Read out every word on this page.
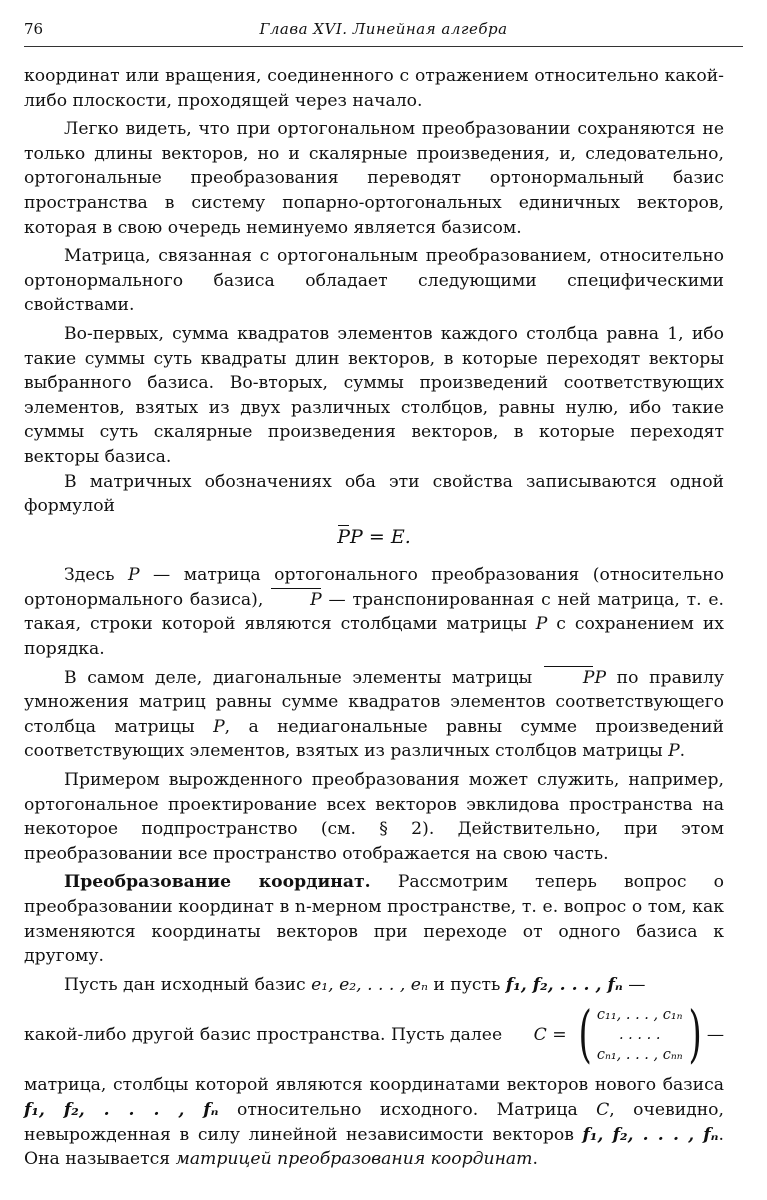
76	Глава XVI. Линейная алгебра

координат или вращения, соединенного с отражением относительно какой-либо плоскости, проходящей через начало.

Легко видеть, что при ортогональном преобразовании сохраняются не только длины векторов, но и скалярные произведения, и, следовательно, ортогональные преобразования переводят ортонормальный базис пространства в систему попарно-ортогональных единичных векторов, которая в свою очередь неминуемо является базисом.

Матрица, связанная с ортогональным преобразованием, относительно ортонормального базиса обладает следующими специфическими свойствами.

Во-первых, сумма квадратов элементов каждого столбца равна 1, ибо такие суммы суть квадраты длин векторов, в которые переходят векторы выбранного базиса. Во-вторых, суммы произведений соответствующих элементов, взятых из двух различных столбцов, равны нулю, ибо такие суммы суть скалярные произведения векторов, в которые переходят векторы базиса.

В матричных обозначениях оба эти свойства записываются одной формулой

PP = E.

Здесь P — матрица ортогонального преобразования (относительно ортонормального базиса), P — транспонированная с ней матрица, т. е. такая, строки которой являются столбцами матрицы P с сохранением их порядка.

В самом деле, диагональные элементы матрицы PP по правилу умножения матриц равны сумме квадратов элементов соответствующего столбца матрицы P, а недиагональные равны сумме произведений соответствующих элементов, взятых из различных столбцов матрицы P.

Примером вырожденного преобразования может служить, например, ортогональное проектирование всех векторов эвклидова пространства на некоторое подпространство (см. § 2). Действительно, при этом преобразовании все пространство отображается на свою часть.

Преобразование координат. Рассмотрим теперь вопрос о преобразовании координат в n-мерном пространстве, т. е. вопрос о том, как изменяются координаты векторов при переходе от одного базиса к другому.

Пусть дан исходный базис e₁, e₂, . . . , eₙ и пусть f₁, f₂, . . . , fₙ —

какой-либо другой базис пространства. Пусть далее C = ( c₁₁, . . . , c₁ₙ
. . . . .
cₙ₁, . . . , cₙₙ ) —

матрица, столбцы которой являются координатами векторов нового базиса f₁, f₂, . . . , fₙ относительно исходного. Матрица C, очевидно, невырожденная в силу линейной независимости векторов f₁, f₂, . . . , fₙ. Она называется матрицей преобразования координат.
